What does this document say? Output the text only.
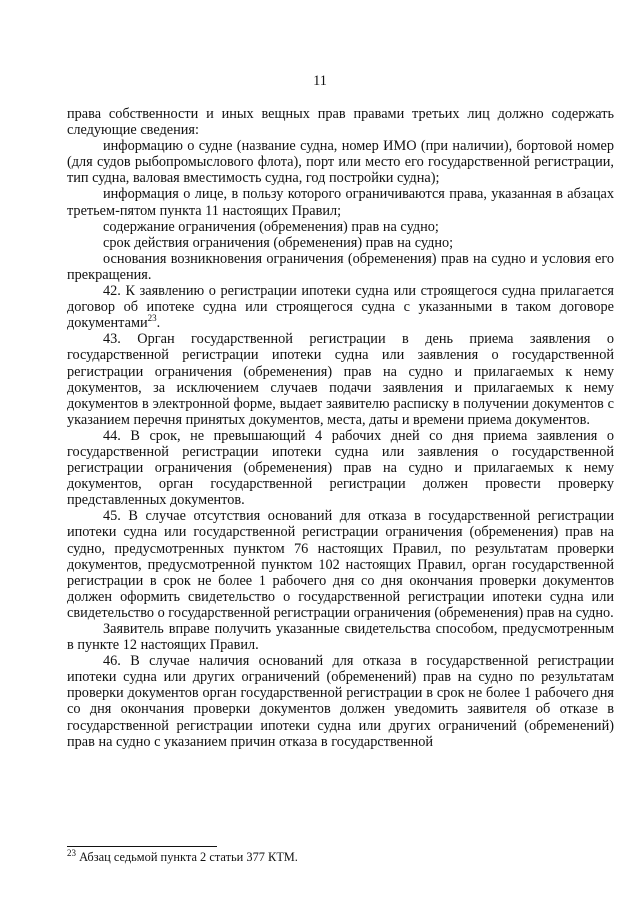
11

права собственности и иных вещных прав правами третьих лиц должно содержать следующие сведения:

информацию о судне (название судна, номер ИМО (при наличии), бортовой номер (для судов рыбопромыслового флота), порт или место его государственной регистрации, тип судна, валовая вместимость судна, год постройки судна);

информация о лице, в пользу которого ограничиваются права, указанная в абзацах третьем-пятом пункта 11 настоящих Правил;

содержание ограничения (обременения) прав на судно;

срок действия ограничения (обременения) прав на судно;

основания возникновения ограничения (обременения) прав на судно и условия его прекращения.

42. К заявлению о регистрации ипотеки судна или строящегося судна прилагается договор об ипотеке судна или строящегося судна с указанными в таком договоре документами$^{23}$.

43. Орган государственной регистрации в день приема заявления о государственной регистрации ипотеки судна или заявления о государственной регистрации ограничения (обременения) прав на судно и прилагаемых к нему документов, за исключением случаев подачи заявления и прилагаемых к нему документов в электронной форме, выдает заявителю расписку в получении документов с указанием перечня принятых документов, места, даты и времени приема документов.

44. В срок, не превышающий 4 рабочих дней со дня приема заявления о государственной регистрации ипотеки судна или заявления о государственной регистрации ограничения (обременения) прав на судно и прилагаемых к нему документов, орган государственной регистрации должен провести проверку представленных документов.

45. В случае отсутствия оснований для отказа в государственной регистрации ипотеки судна или государственной регистрации ограничения (обременения) прав на судно, предусмотренных пунктом 76 настоящих Правил, по результатам проверки документов, предусмотренной пунктом 102 настоящих Правил, орган государственной регистрации в срок не более 1 рабочего дня со дня окончания проверки документов должен оформить свидетельство о государственной регистрации ипотеки судна или свидетельство о государственной регистрации ограничения (обременения) прав на судно.

Заявитель вправе получить указанные свидетельства способом, предусмотренным в пункте 12 настоящих Правил.

46. В случае наличия оснований для отказа в государственной регистрации ипотеки судна или других ограничений (обременений) прав на судно по результатам проверки документов орган государственной регистрации в срок не более 1 рабочего дня со дня окончания проверки документов должен уведомить заявителя об отказе в государственной регистрации ипотеки судна или других ограничений (обременений) прав на судно с указанием причин отказа в государственной

$^{23}$ Абзац седьмой пункта 2 статьи 377 КТМ.
